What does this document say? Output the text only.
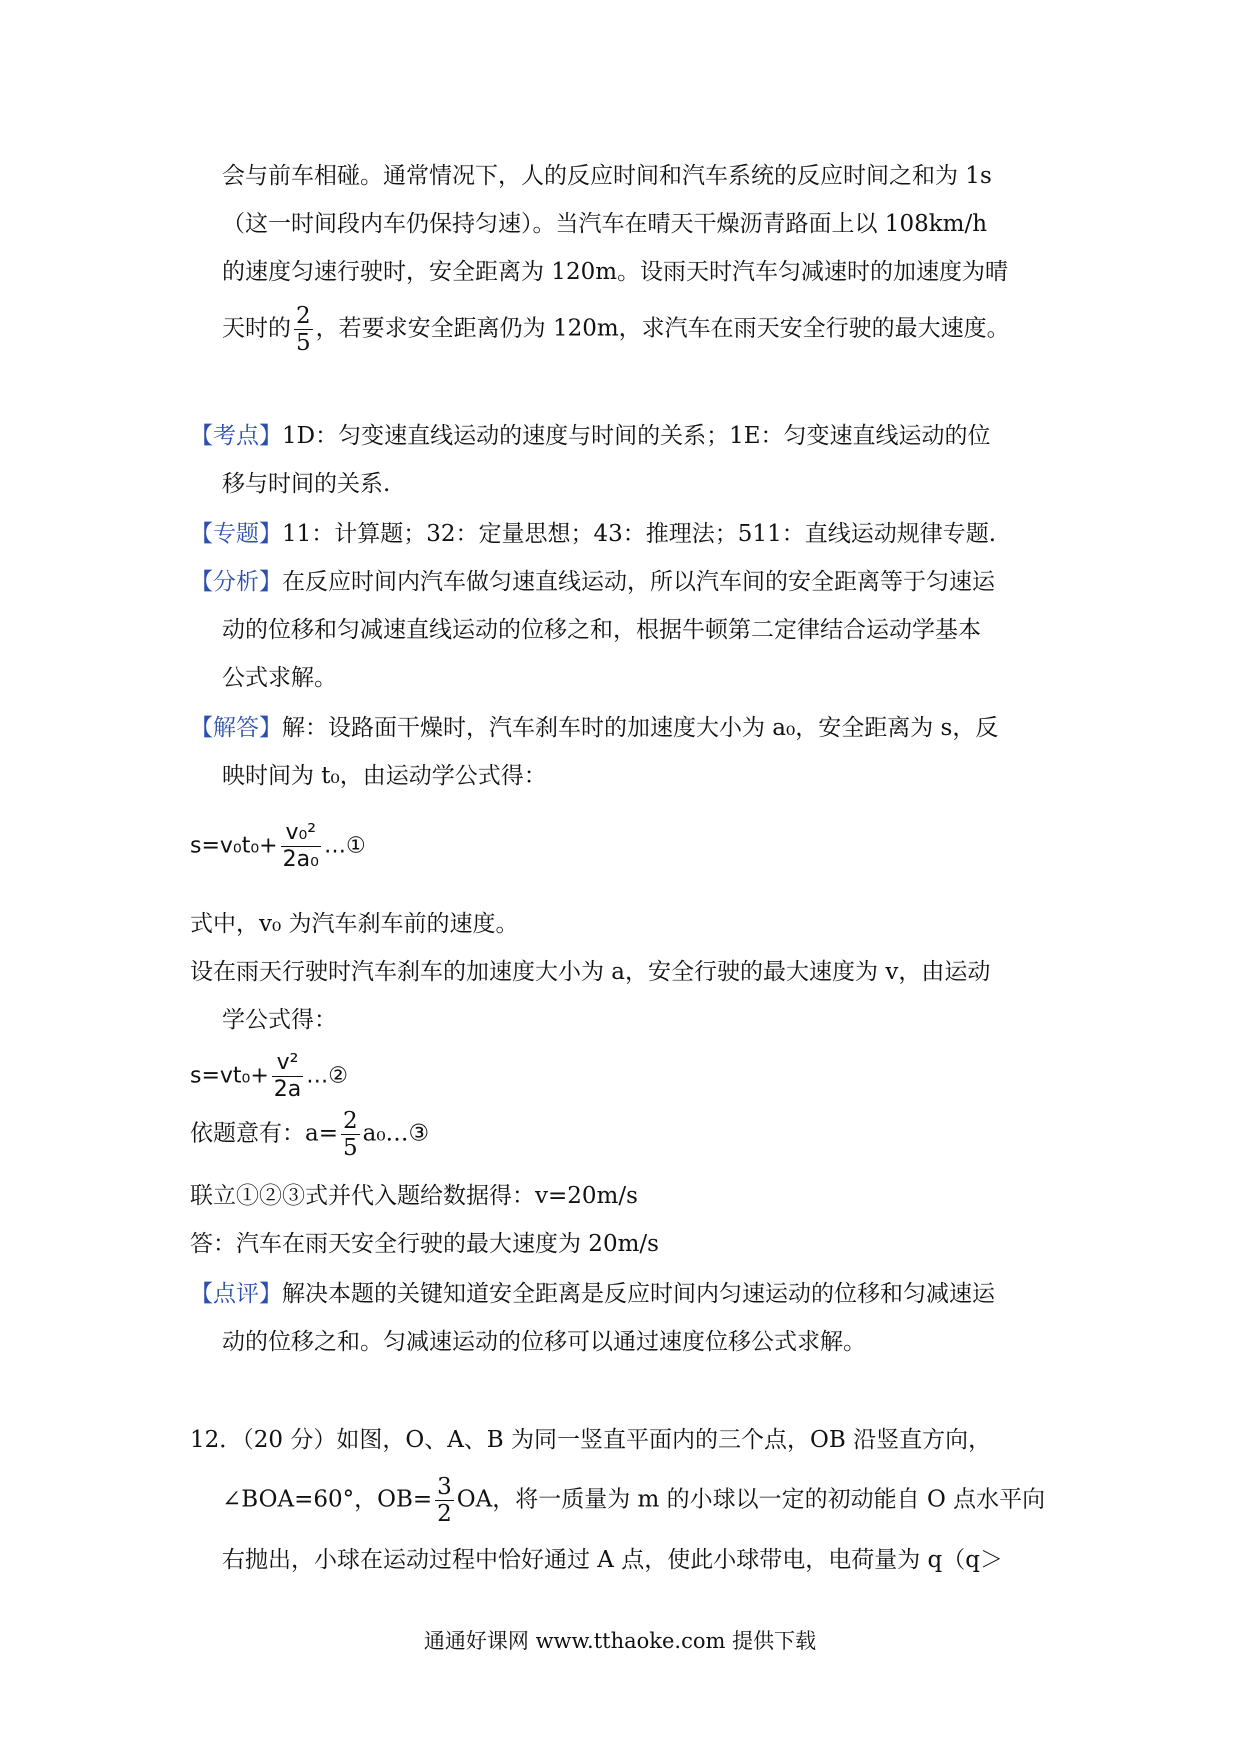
会与前车相碰。通常情况下，人的反应时间和汽车系统的反应时间之和为 1s
（这一时间段内车仍保持匀速）。当汽车在晴天干燥沥青路面上以 108km/h
的速度匀速行驶时，安全距离为 120m。设雨天时汽车匀减速时的加速度为晴
天时的 $\frac{2}{5}$ ，若要求安全距离仍为 120m，求汽车在雨天安全行驶的最大速度。
【考点】1D：匀变速直线运动的速度与时间的关系；1E：匀变速直线运动的位
移与时间的关系.
【专题】11：计算题；32：定量思想；43：推理法；511：直线运动规律专题.
【分析】在反应时间内汽车做匀速直线运动，所以汽车间的安全距离等于匀速运
动的位移和匀减速直线运动的位移之和，根据牛顿第二定律结合运动学基本
公式求解。
【解答】解：设路面干燥时，汽车刹车时的加速度大小为 a₀，安全距离为 s，反
映时间为 t₀，由运动学公式得：
$s=v_0t_0+ \frac{\text{v₀²}}{\text{2a₀}}$ …①
式中，v₀ 为汽车刹车前的速度。
设在雨天行驶时汽车刹车的加速度大小为 a，安全行驶的最大速度为 v，由运动
学公式得：
$s=vt_0+ \frac{\text{v²}}{2a}$ …②
依题意有：$a= \frac{2}{5}$ a₀…③
联立①②③式并代入题给数据得：v=20m/s
答：汽车在雨天安全行驶的最大速度为 20m/s
【点评】解决本题的关键知道安全距离是反应时间内匀速运动的位移和匀减速运
动的位移之和。匀减速运动的位移可以通过速度位移公式求解。
12．（20 分）如图，O、A、B 为同一竖直平面内的三个点，OB 沿竖直方向，
∠BOA=60°，$OB= \frac{3}{2}$ OA，将一质量为 m 的小球以一定的初动能自 O 点水平向
右抛出，小球在运动过程中恰好通过 A 点，使此小球带电，电荷量为 q（q＞
通通好课网 www.tthaoke.com 提供下载
